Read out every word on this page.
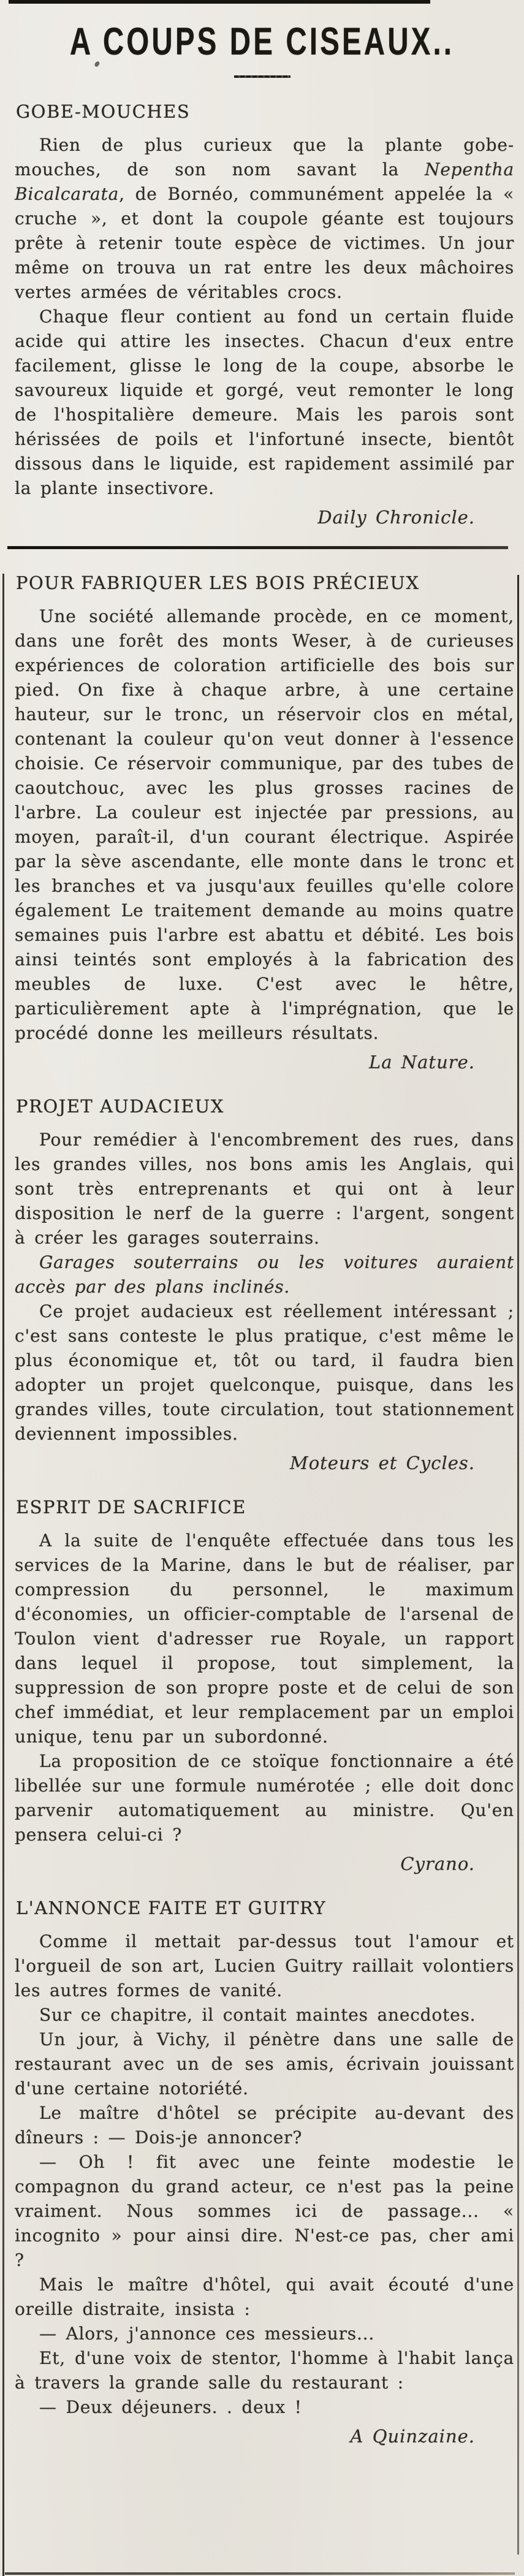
A COUPS DE CISEAUX..
GOBE-MOUCHES

Rien de plus curieux que la plante gobe-mouches, de son nom savant la Nepentha Bicalcarata, de Bornéo, communément appelée la « cruche », et dont la coupole géante est toujours prête à retenir toute espèce de victimes. Un jour même on trouva un rat entre les deux mâchoires vertes armées de véritables crocs.

Chaque fleur contient au fond un certain fluide acide qui attire les insectes. Chacun d'eux entre facilement, glisse le long de la coupe, absorbe le savoureux liquide et gorgé, veut remonter le long de l'hospitalière demeure. Mais les parois sont hérissées de poils et l'infortuné insecte, bientôt dissous dans le liquide, est rapidement assimilé par la plante insectivore.

Daily Chronicle.
POUR FABRIQUER LES BOIS PRÉCIEUX

Une société allemande procède, en ce moment, dans une forêt des monts Weser, à de curieuses expériences de coloration artificielle des bois sur pied. On fixe à chaque arbre, à une certaine hauteur, sur le tronc, un réservoir clos en métal, contenant la couleur qu'on veut donner à l'essence choisie. Ce réservoir communique, par des tubes de caoutchouc, avec les plus grosses racines de l'arbre. La couleur est injectée par pressions, au moyen, paraît-il, d'un courant électrique. Aspirée par la sève ascendante, elle monte dans le tronc et les branches et va jusqu'aux feuilles qu'elle colore également Le traitement demande au moins quatre semaines puis l'arbre est abattu et débité. Les bois ainsi teintés sont employés à la fabrication des meubles de luxe. C'est avec le hêtre, particulièrement apte à l'imprégnation, que le procédé donne les meilleurs résultats.

La Nature.
PROJET AUDACIEUX

Pour remédier à l'encombrement des rues, dans les grandes villes, nos bons amis les Anglais, qui sont très entreprenants et qui ont à leur disposition le nerf de la guerre : l'argent, songent à créer les garages souterrains.

Garages souterrains ou les voitures auraient accès par des plans inclinés.

Ce projet audacieux est réellement intéressant ; c'est sans conteste le plus pratique, c'est même le plus économique et, tôt ou tard, il faudra bien adopter un projet quelconque, puisque, dans les grandes villes, toute circulation, tout stationnement deviennent impossibles.

Moteurs et Cycles.
ESPRIT DE SACRIFICE

A la suite de l'enquête effectuée dans tous les services de la Marine, dans le but de réaliser, par compression du personnel, le maximum d'économies, un officier-comptable de l'arsenal de Toulon vient d'adresser rue Royale, un rapport dans lequel il propose, tout simplement, la suppression de son propre poste et de celui de son chef immédiat, et leur remplacement par un emploi unique, tenu par un subordonné.

La proposition de ce stoïque fonctionnaire a été libellée sur une formule numérotée ; elle doit donc parvenir automatiquement au ministre. Qu'en pensera celui-ci ?

Cyrano.
L'ANNONCE FAITE ET GUITRY

Comme il mettait par-dessus tout l'amour et l'orgueil de son art, Lucien Guitry raillait volontiers les autres formes de vanité.

Sur ce chapitre, il contait maintes anecdotes.

Un jour, à Vichy, il pénètre dans une salle de restaurant avec un de ses amis, écrivain jouissant d'une certaine notoriété.

Le maître d'hôtel se précipite au-devant des dîneurs : — Dois-je annoncer?

— Oh ! fit avec une feinte modestie le compagnon du grand acteur, ce n'est pas la peine vraiment. Nous sommes ici de passage... « incognito » pour ainsi dire. N'est-ce pas, cher ami ?

Mais le maître d'hôtel, qui avait écouté d'une oreille distraite, insista :

— Alors, j'annonce ces messieurs...

Et, d'une voix de stentor, l'homme à l'habit lança à travers la grande salle du restaurant :

— Deux déjeuners. . deux !

A Quinzaine.
